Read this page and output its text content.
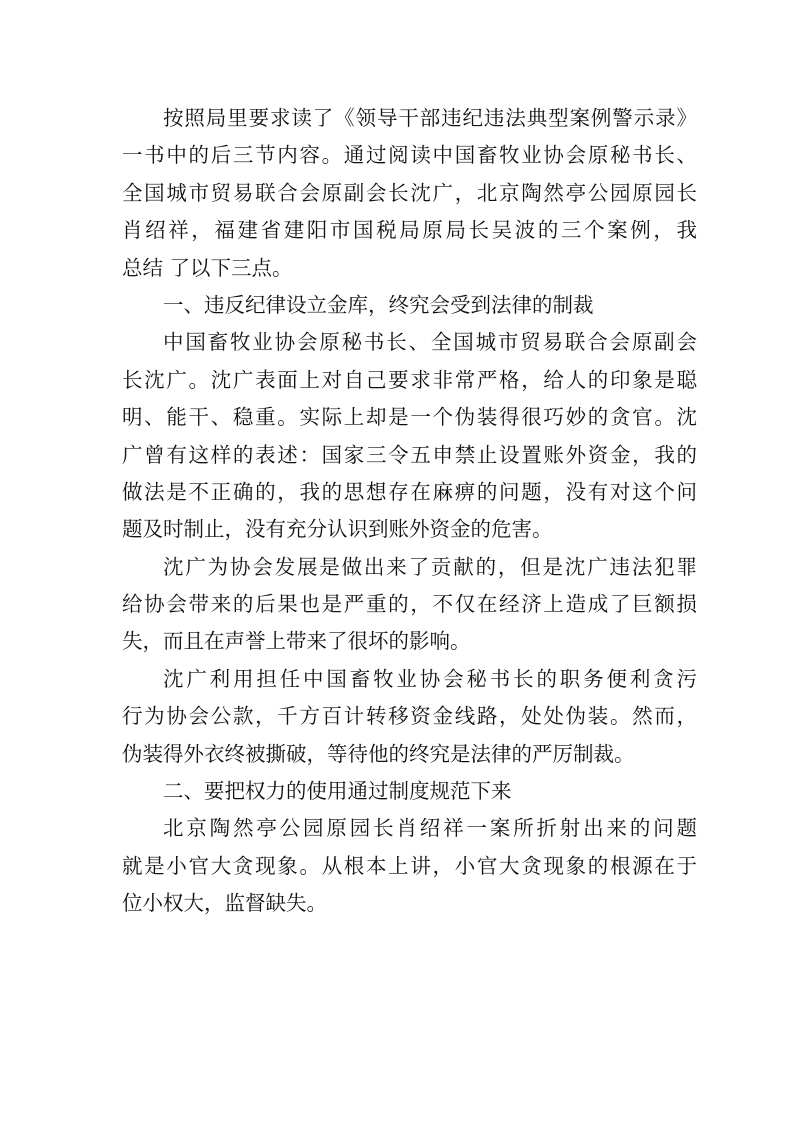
按照局里要求读了《领导干部违纪违法典型案例警示录》
一书中的后三节内容。通过阅读中国畜牧业协会原秘书长、
全国城市贸易联合会原副会长沈广，北京陶然亭公园原园长
肖绍祥，福建省建阳市国税局原局长吴波的三个案例，我
总结 了以下三点。
一、违反纪律设立金库，终究会受到法律的制裁
中国畜牧业协会原秘书长、全国城市贸易联合会原副会
长沈广。沈广表面上对自己要求非常严格，给人的印象是聪
明、能干、稳重。实际上却是一个伪装得很巧妙的贪官。沈
广曾有这样的表述：国家三令五申禁止设置账外资金，我的
做法是不正确的，我的思想存在麻痹的问题，没有对这个问
题及时制止，没有充分认识到账外资金的危害。
沈广为协会发展是做出来了贡献的，但是沈广违法犯罪
给协会带来的后果也是严重的，不仅在经济上造成了巨额损
失，而且在声誉上带来了很坏的影响。
沈广利用担任中国畜牧业协会秘书长的职务便利贪污
行为协会公款，千方百计转移资金线路，处处伪装。然而，
伪装得外衣终被撕破，等待他的终究是法律的严厉制裁。
二、要把权力的使用通过制度规范下来
北京陶然亭公园原园长肖绍祥一案所折射出来的问题
就是小官大贪现象。从根本上讲，小官大贪现象的根源在于
位小权大，监督缺失。
